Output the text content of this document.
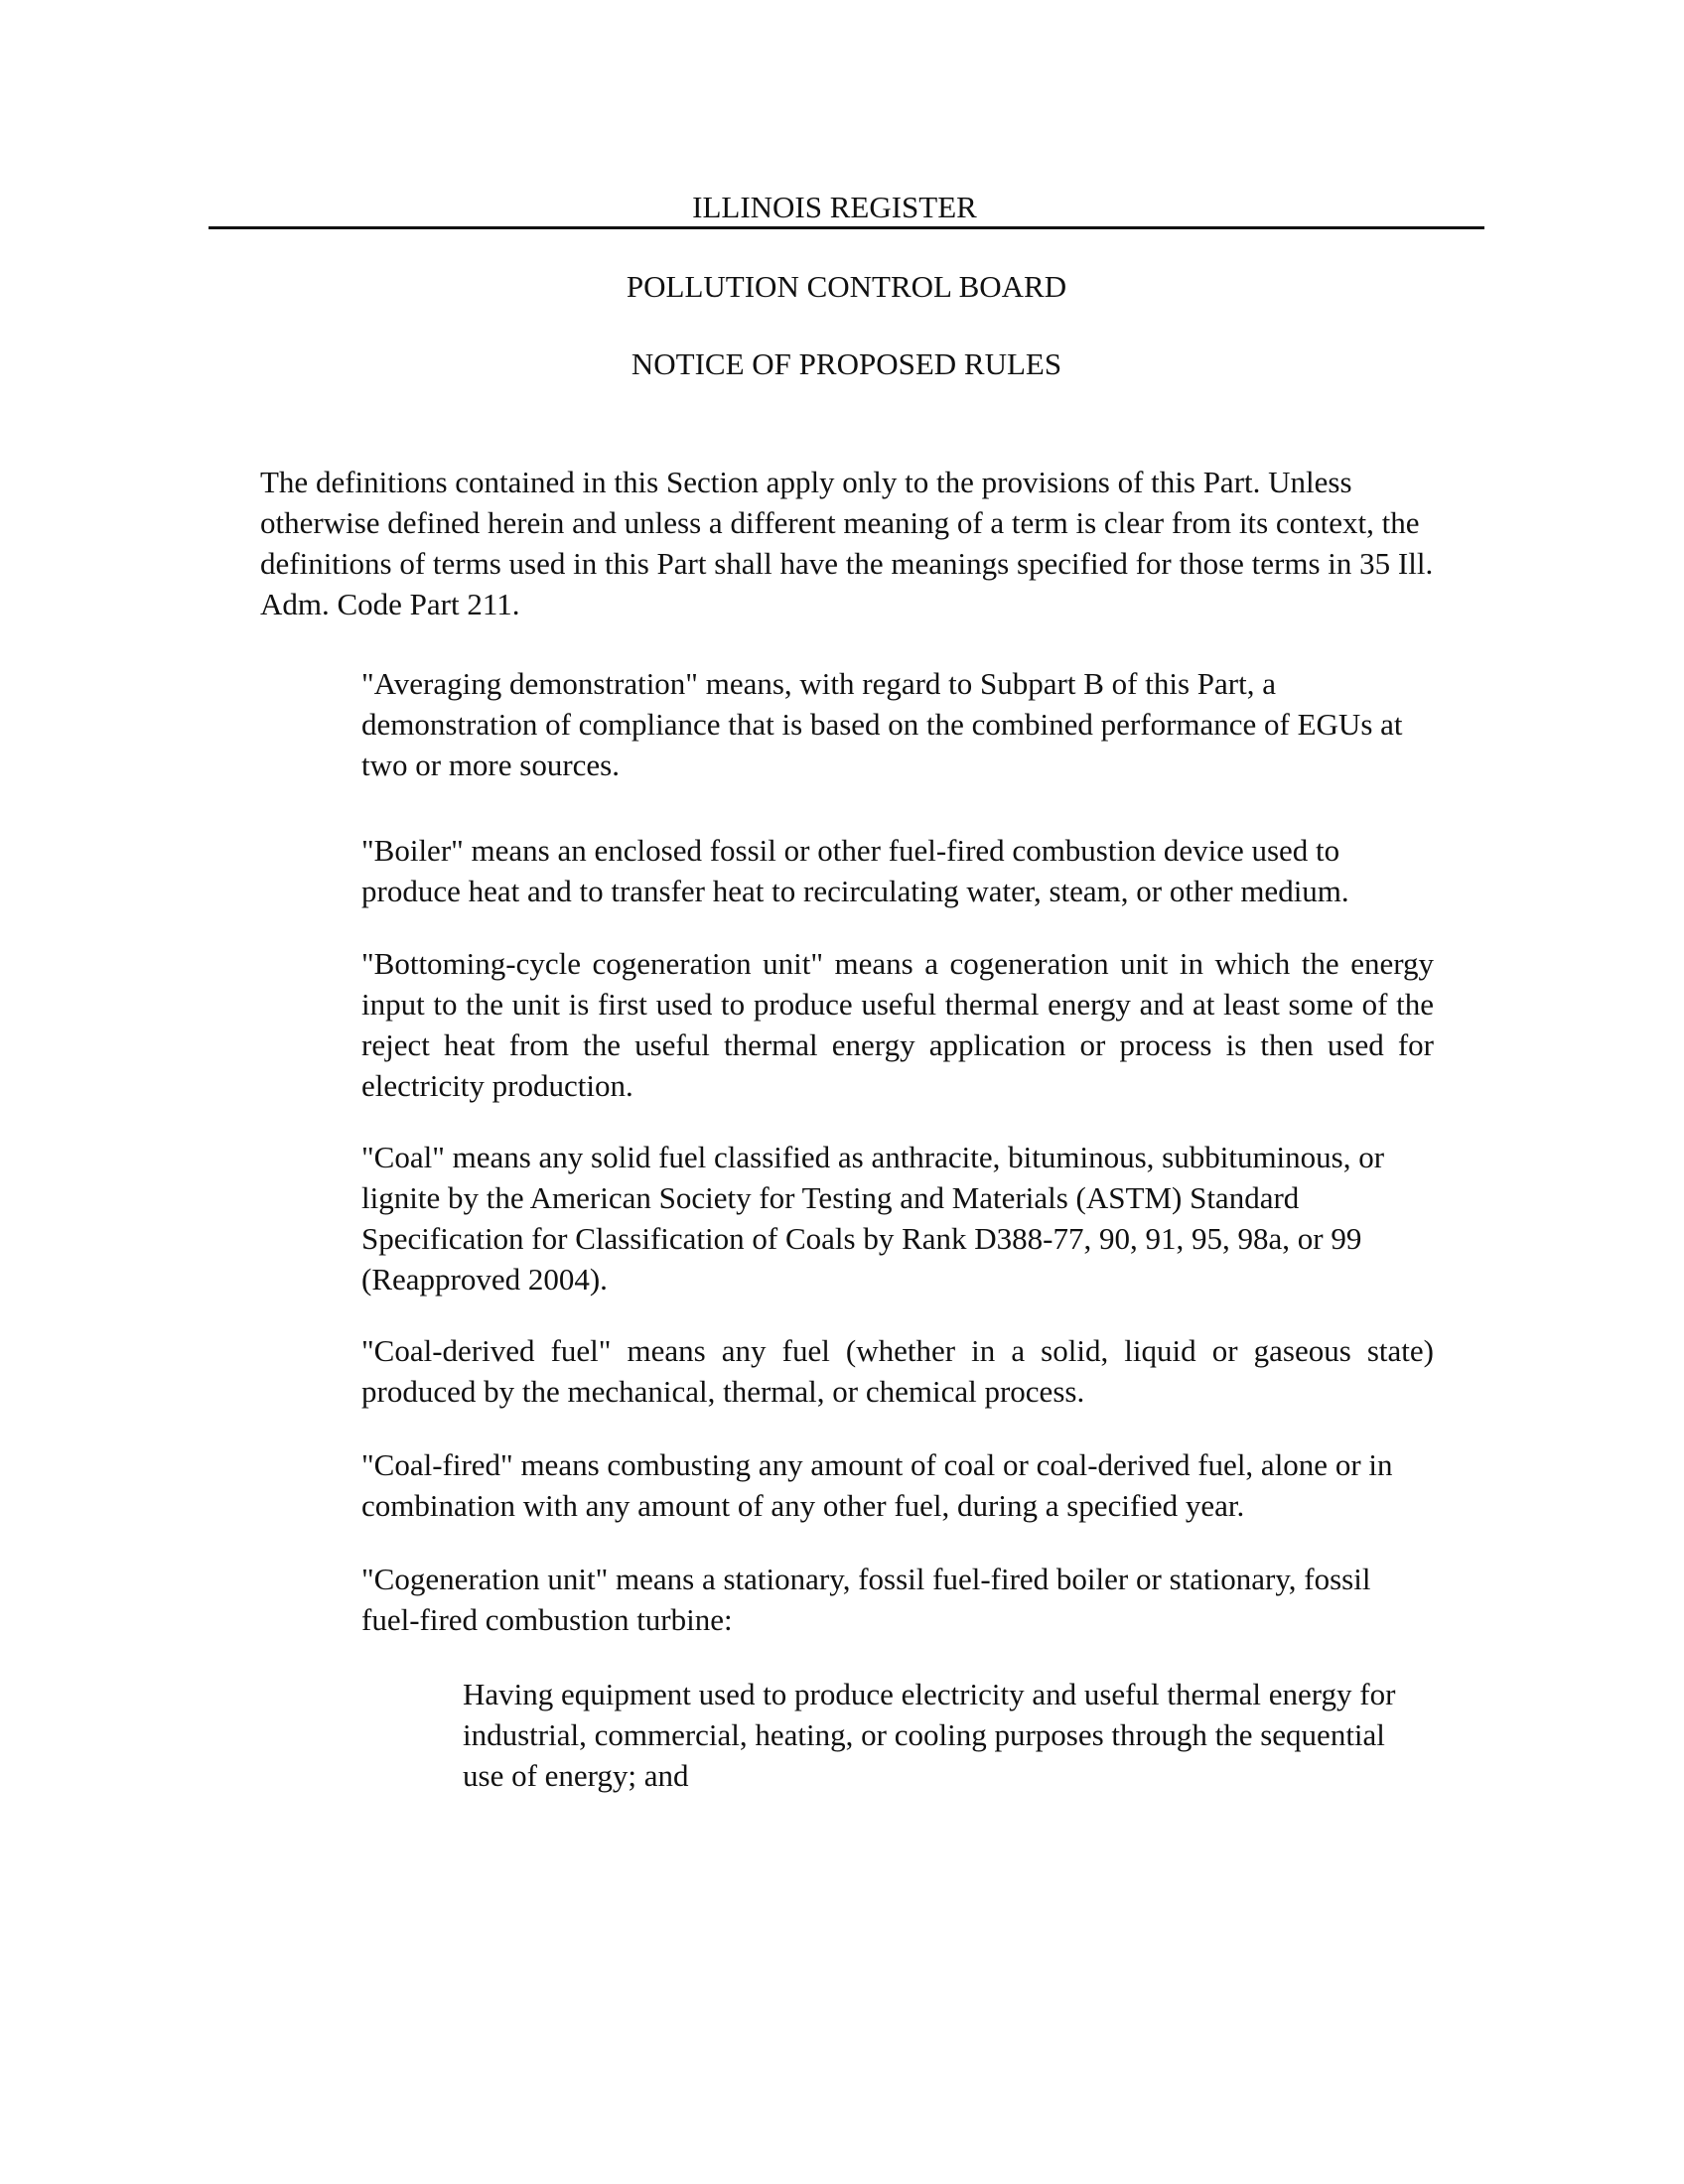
ILLINOIS REGISTER
POLLUTION CONTROL BOARD
NOTICE OF PROPOSED RULES

The definitions contained in this Section apply only to the provisions of this Part. Unless otherwise defined herein and unless a different meaning of a term is clear from its context, the definitions of terms used in this Part shall have the meanings specified for those terms in 35 Ill. Adm. Code Part 211.

"Averaging demonstration" means, with regard to Subpart B of this Part, a demonstration of compliance that is based on the combined performance of EGUs at two or more sources.

"Boiler" means an enclosed fossil or other fuel-fired combustion device used to produce heat and to transfer heat to recirculating water, steam, or other medium.

"Bottoming-cycle cogeneration unit" means a cogeneration unit in which the energy input to the unit is first used to produce useful thermal energy and at least some of the reject heat from the useful thermal energy application or process is then used for electricity production.

"Coal" means any solid fuel classified as anthracite, bituminous, subbituminous, or lignite by the American Society for Testing and Materials (ASTM) Standard Specification for Classification of Coals by Rank D388-77, 90, 91, 95, 98a, or 99 (Reapproved 2004).

"Coal-derived fuel" means any fuel (whether in a solid, liquid or gaseous state) produced by the mechanical, thermal, or chemical process.

"Coal-fired" means combusting any amount of coal or coal-derived fuel, alone or in combination with any amount of any other fuel, during a specified year.

"Cogeneration unit" means a stationary, fossil fuel-fired boiler or stationary, fossil fuel-fired combustion turbine:

Having equipment used to produce electricity and useful thermal energy for industrial, commercial, heating, or cooling purposes through the sequential use of energy; and
